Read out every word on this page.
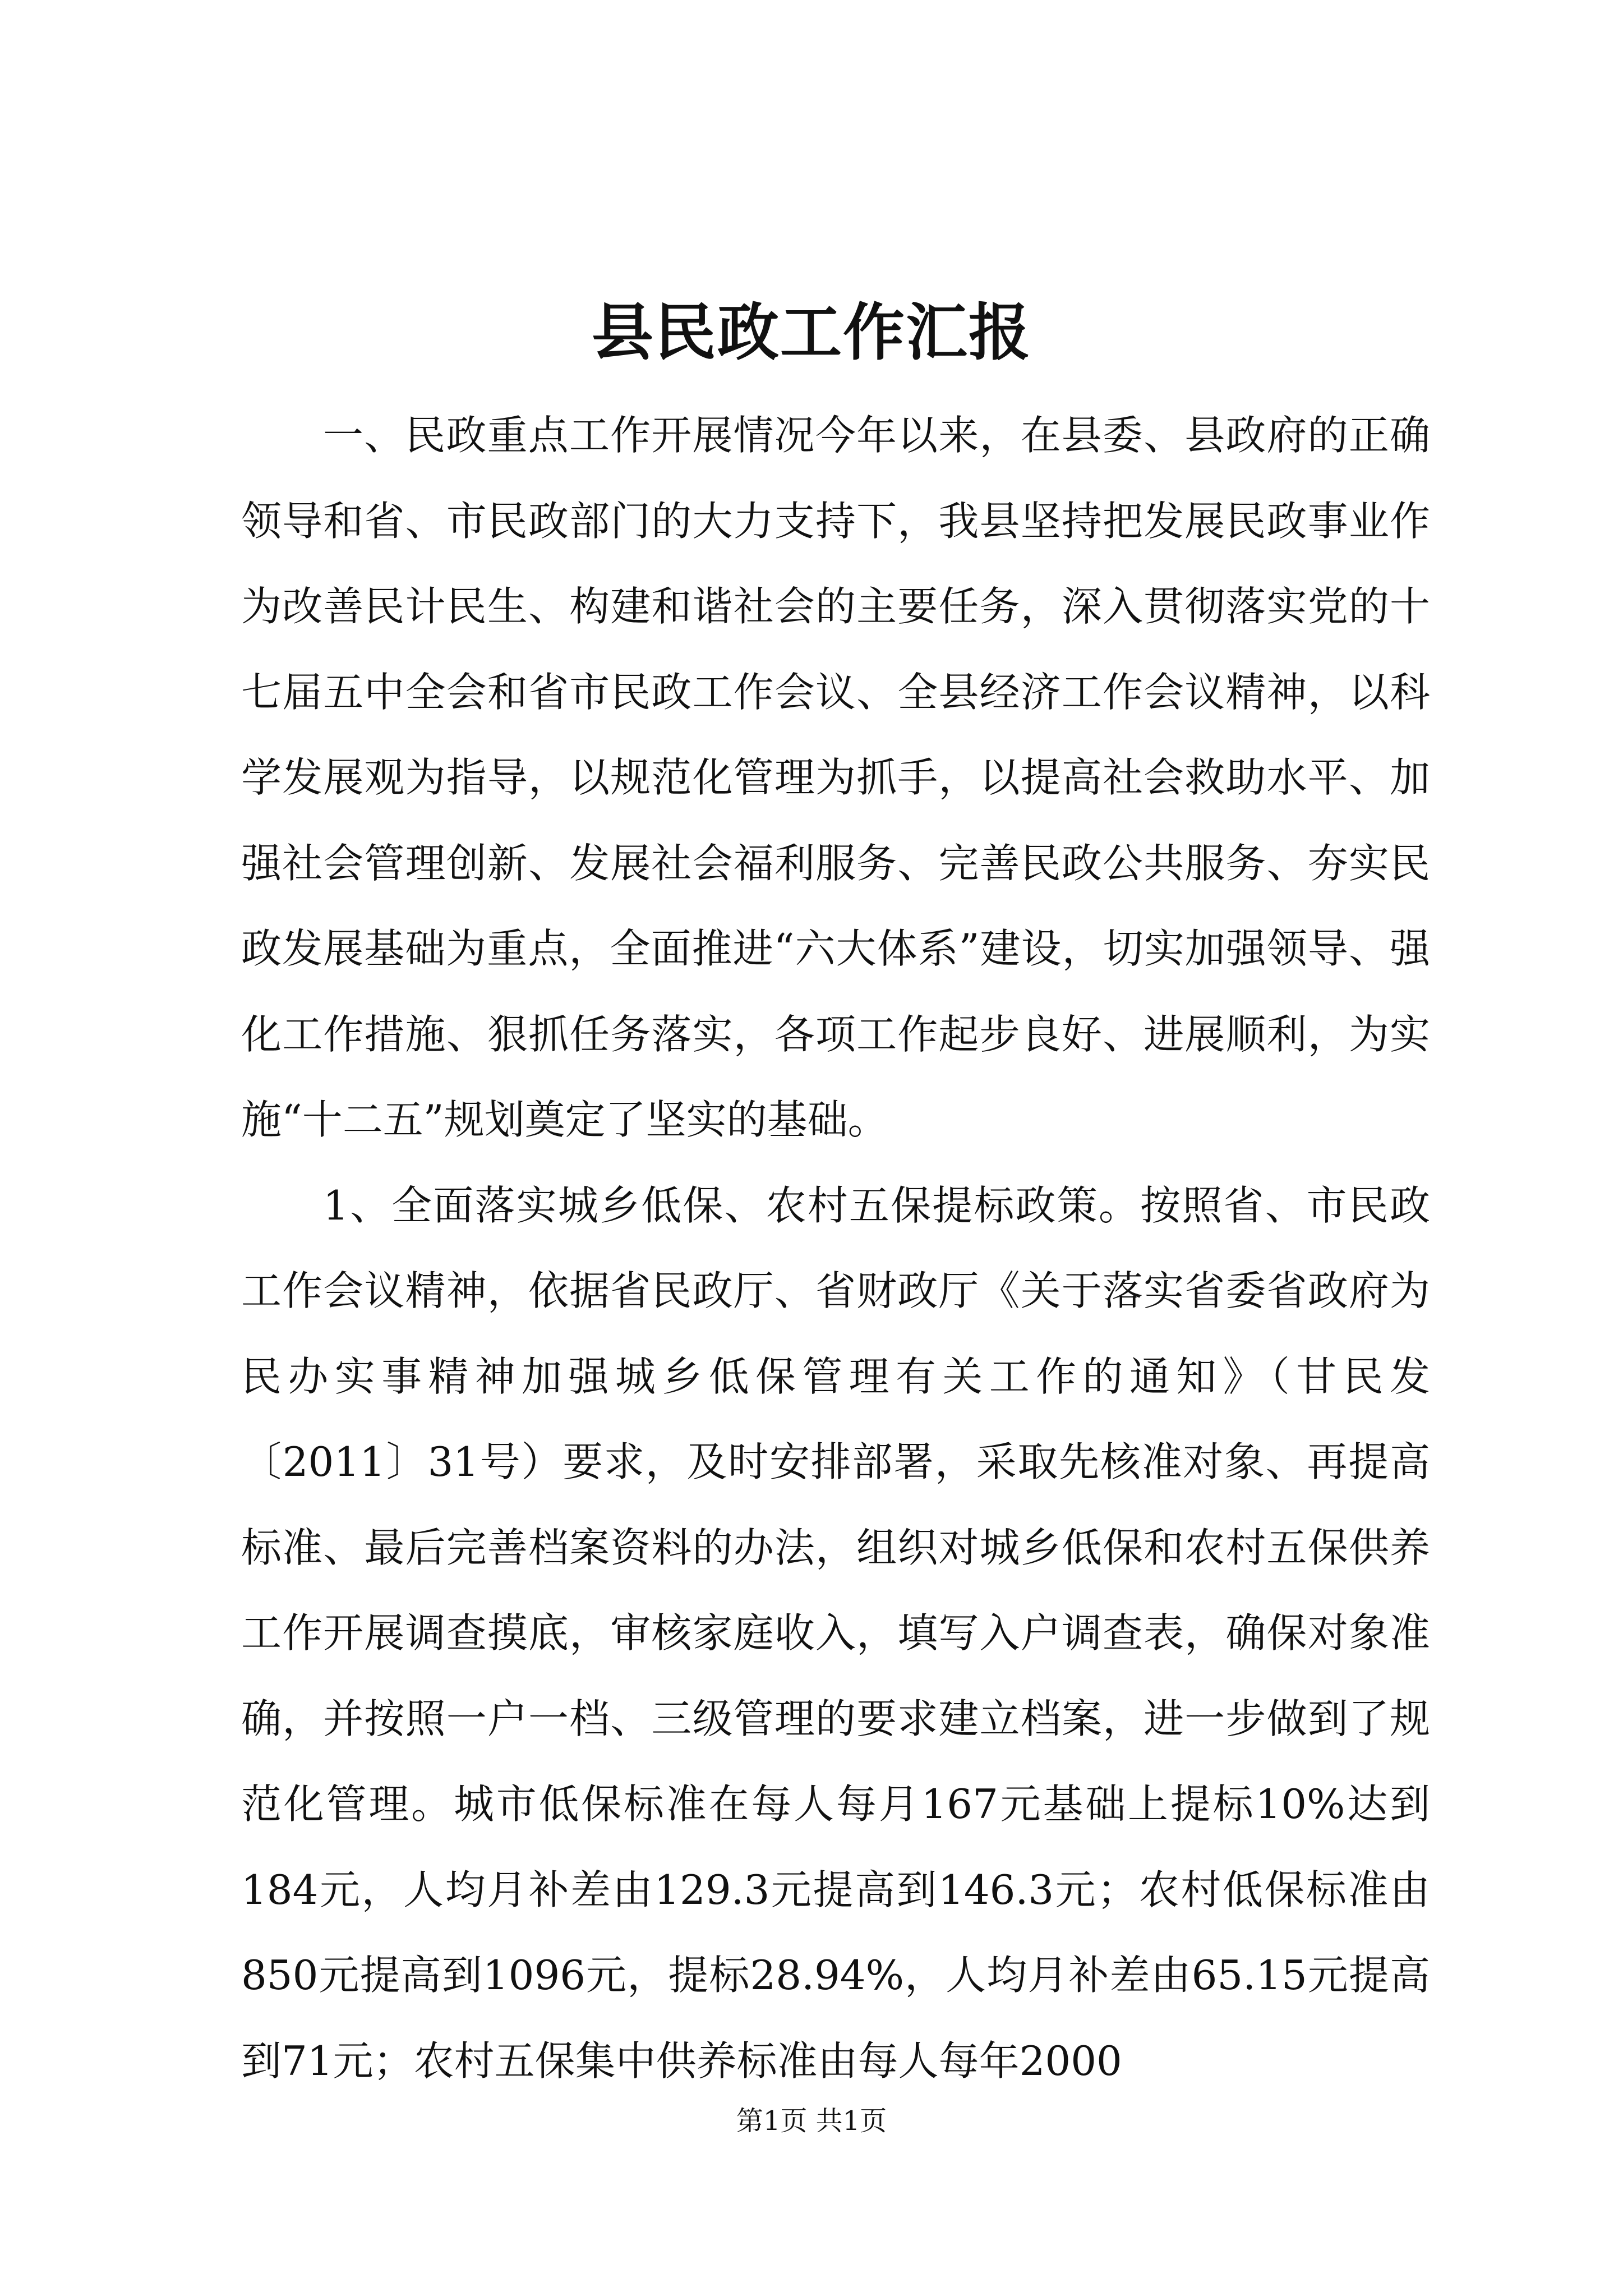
县民政工作汇报

一、民政重点工作开展情况今年以来，在县委、县政府的正确领导和省、市民政部门的大力支持下，我县坚持把发展民政事业作为改善民计民生、构建和谐社会的主要任务，深入贯彻落实党的十七届五中全会和省市民政工作会议、全县经济工作会议精神，以科学发展观为指导，以规范化管理为抓手，以提高社会救助水平、加强社会管理创新、发展社会福利服务、完善民政公共服务、夯实民政发展基础为重点，全面推进“六大体系”建设，切实加强领导、强化工作措施、狠抓任务落实，各项工作起步良好、进展顺利，为实施“十二五”规划奠定了坚实的基础。

1、全面落实城乡低保、农村五保提标政策。按照省、市民政工作会议精神，依据省民政厅、省财政厅《关于落实省委省政府为民办实事精神加强城乡低保管理有关工作的通知》（甘民发〔2011〕31号）要求，及时安排部署，采取先核准对象、再提高标准、最后完善档案资料的办法，组织对城乡低保和农村五保供养工作开展调查摸底，审核家庭收入，填写入户调查表，确保对象准确，并按照一户一档、三级管理的要求建立档案，进一步做到了规范化管理。城市低保标准在每人每月167元基础上提标10%达到184元，人均月补差由129.3元提高到146.3元；农村低保标准由850元提高到1096元，提标28.94%，人均月补差由65.15元提高到71元；农村五保集中供养标准由每人每年2000

第1页 共1页
